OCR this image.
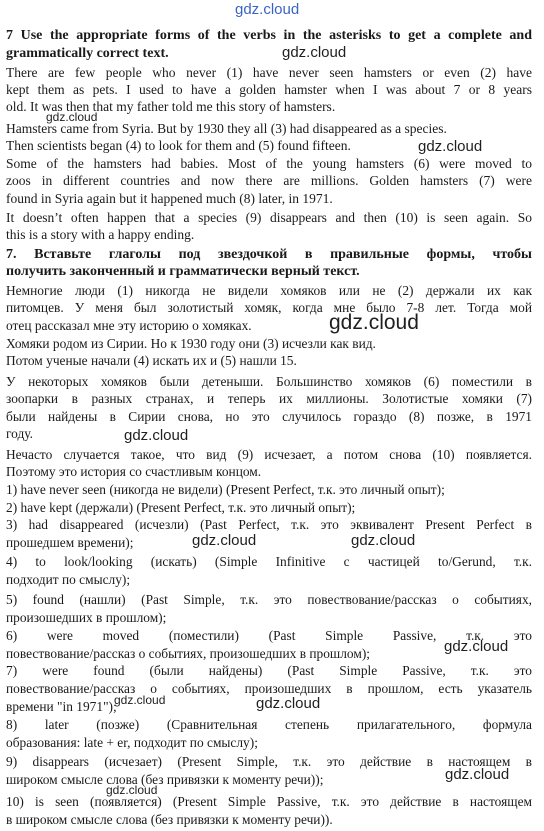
7 Use the appropriate forms of the verbs in the asterisks to get a complete and
grammatically correct text.
There are few people who never (1) have never seen hamsters or even (2) have
kept them as pets. I used to have a golden hamster when I was about 7 or 8 years
old. It was then that my father told me this story of hamsters.
Hamsters came from Syria. But by 1930 they all (3) had disappeared as a species.
Then scientists began (4) to look for them and (5) found fifteen.
Some of the hamsters had babies. Most of the young hamsters (6) were moved to
zoos in different countries and now there are millions. Golden hamsters (7) were
found in Syria again but it happened much (8) later, in 1971.
It doesn’t often happen that a species (9) disappears and then (10) is seen again. So
this is a story with a happy ending.
7. Вставьте глаголы под звездочкой в правильные формы, чтобы
получить законченный и грамматически верный текст.
Немногие люди (1) никогда не видели хомяков или не (2) держали их как
питомцев. У меня был золотистый хомяк, когда мне было 7-8 лет. Тогда мой
отец рассказал мне эту историю о хомяках.
Хомяки родом из Сирии. Но к 1930 году они (3) исчезли как вид.
Потом ученые начали (4) искать их и (5) нашли 15.
У некоторых хомяков были детеныши. Большинство хомяков (6) поместили в
зоопарки в разных странах, и теперь их миллионы. Золотистые хомяки (7)
были найдены в Сирии снова, но это случилось гораздо (8) позже, в 1971
году.
Нечасто случается такое, что вид (9) исчезает, а потом снова (10) появляется.
Поэтому это история со счастливым концом.
1) have never seen (никогда не видели) (Present Perfect, т.к. это личный опыт);
2) have kept (держали) (Present Perfect, т.к. это личный опыт);
3) had disappeared (исчезли) (Past Perfect, т.к. это эквивалент Present Perfect в
прошедшем времени);
4) to look/looking (искать) (Simple Infinitive с частицей to/Gerund, т.к.
подходит по смыслу);
5) found (нашли) (Past Simple, т.к. это повествование/рассказ о событиях,
произошедших в прошлом);
6) were moved (поместили) (Past Simple Passive, т.к. это
повествование/рассказ о событиях, произошедших в прошлом);
7) were found (были найдены) (Past Simple Passive, т.к. это
повествование/рассказ о событиях, произошедших в прошлом, есть указатель
времени "in 1971");
8) later (позже) (Сравнительная степень прилагательного, формула
образования: late + er, подходит по смыслу);
9) disappears (исчезает) (Present Simple, т.к. это действие в настоящем в
широком смысле слова (без привязки к моменту речи));
10) is seen (появляется) (Present Simple Passive, т.к. это действие в настоящем
в широком смысле слова (без привязки к моменту речи)).
gdz.cloud
gdz.cloud
gdz.cloud
gdz.cloud
gdz.cloud
gdz.cloud
gdz.cloud	gdz.cloud
gdz.cloud
gdz.cloud	gdz.cloud
gdz.cloud
gdz.cloud
